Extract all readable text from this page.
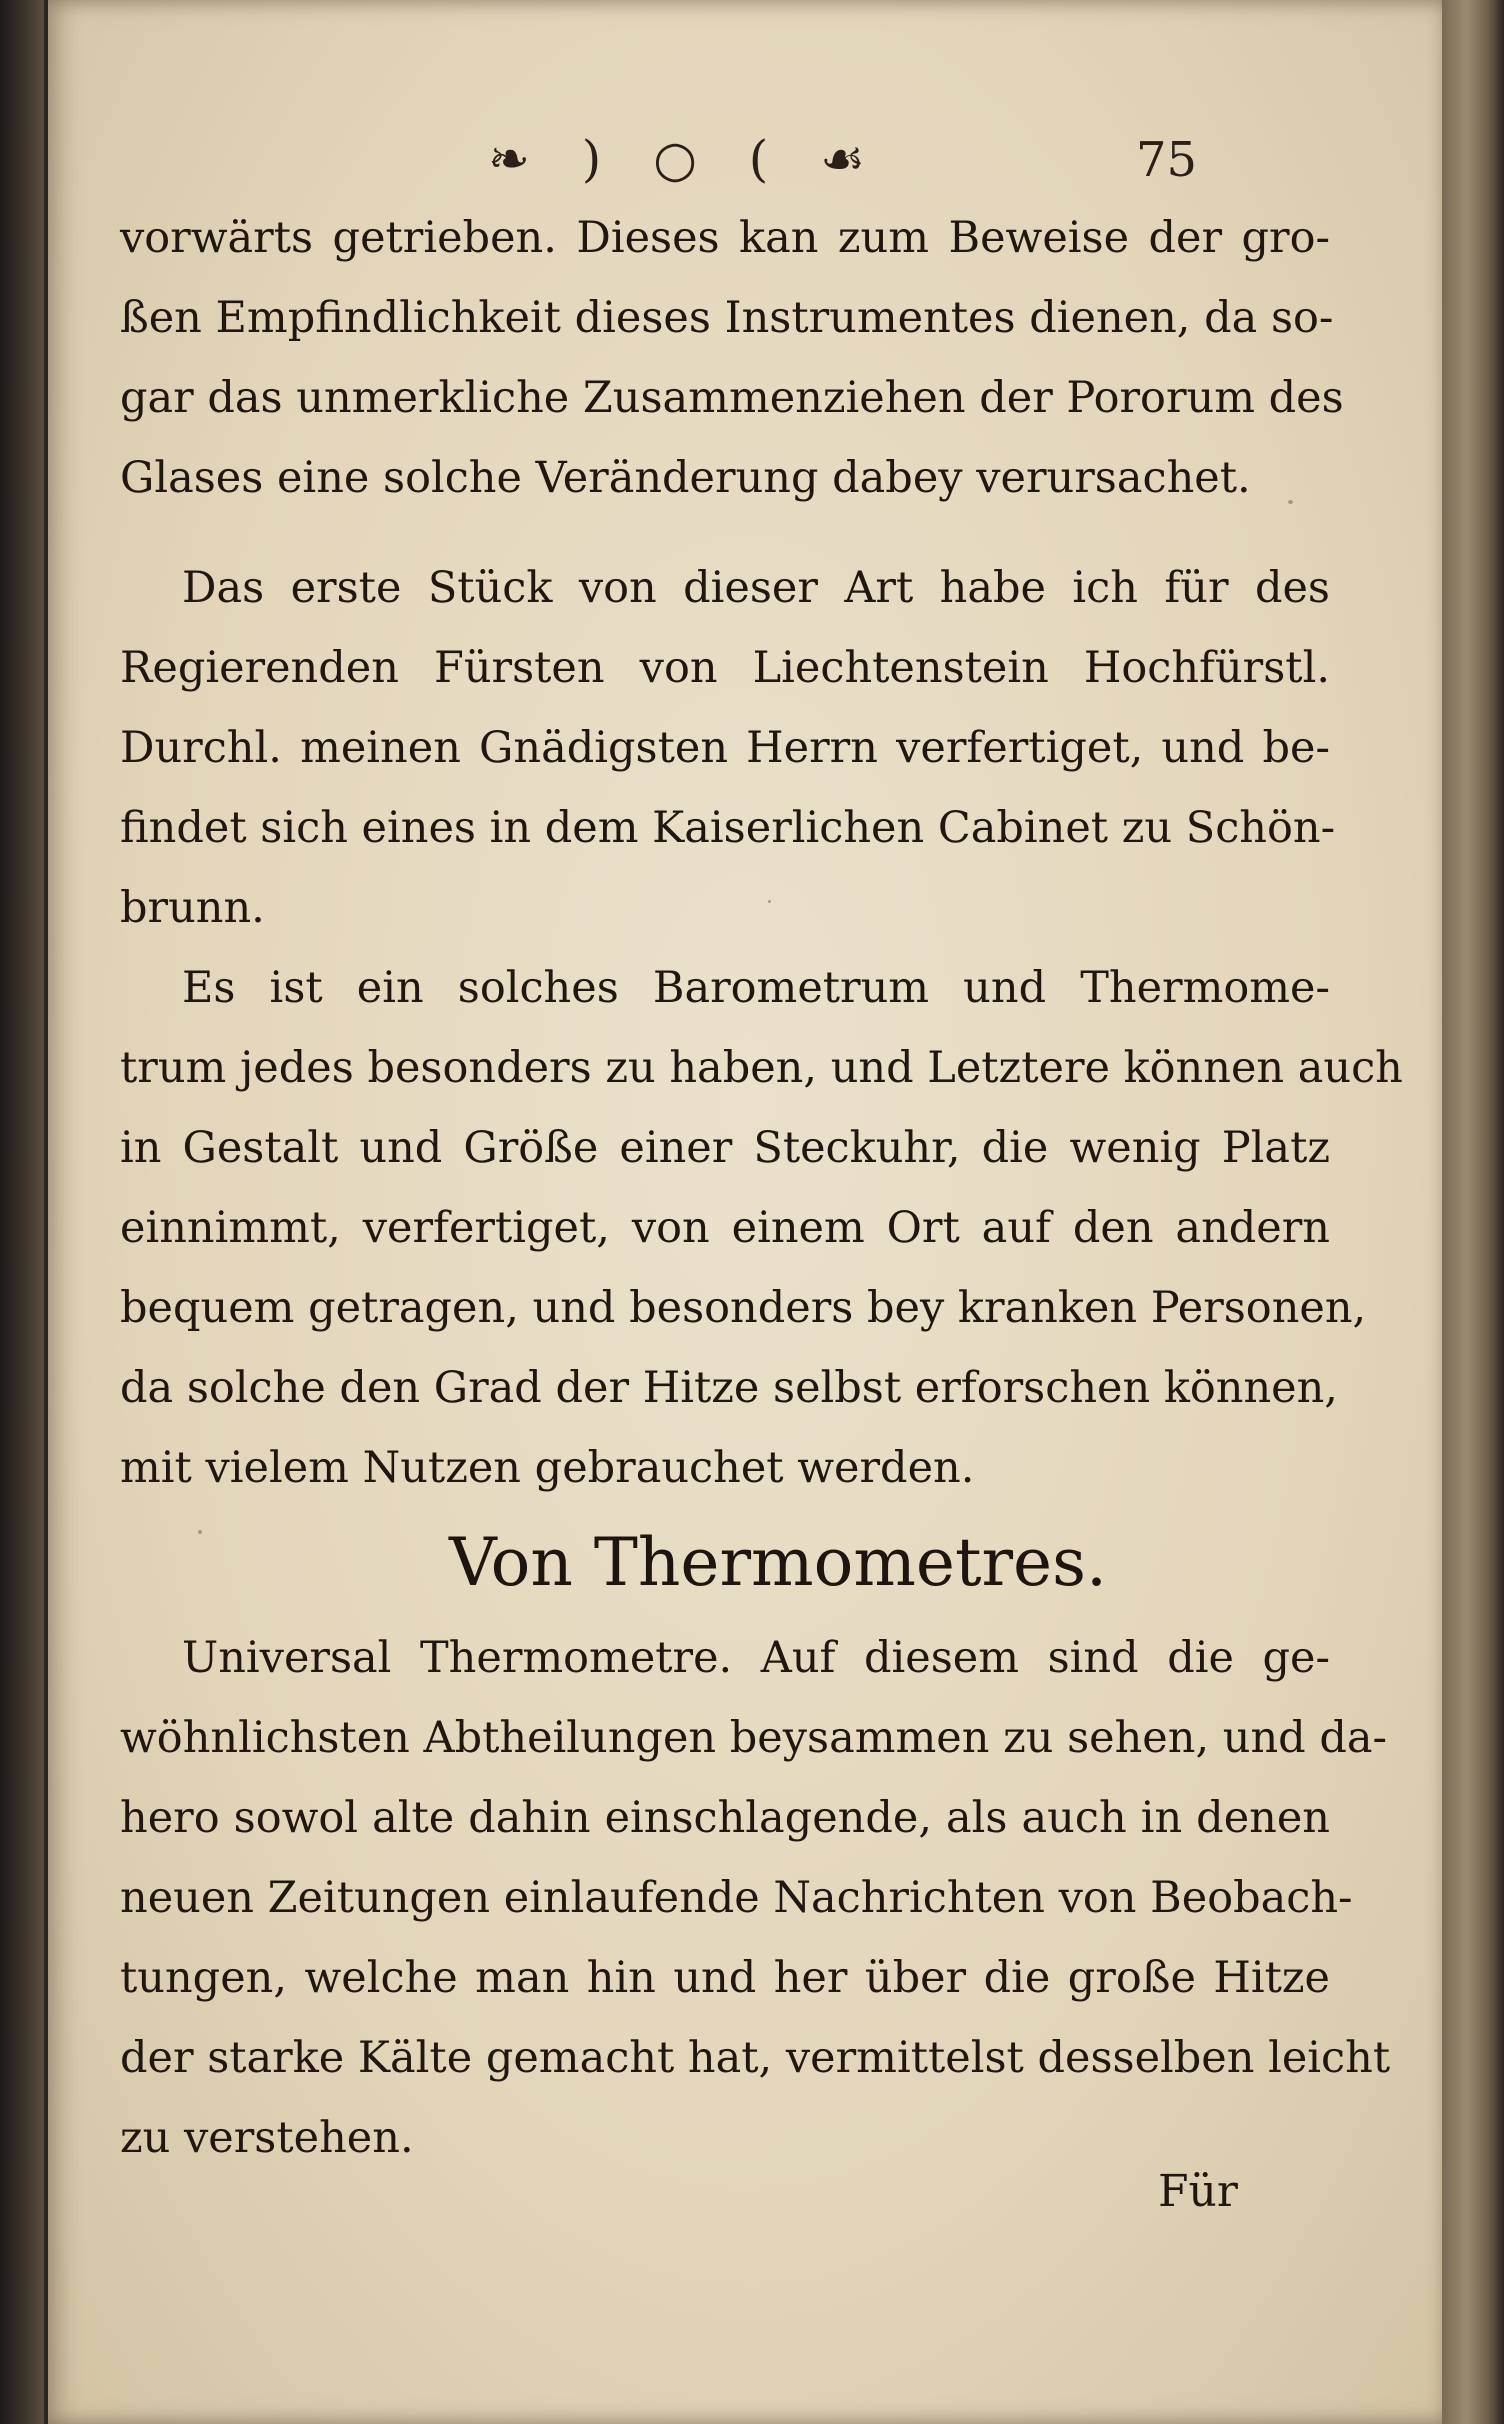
❧ ) ○ ( ☙	75
vorwärts getrieben. Dieses kan zum Beweise der gro-
ßen Empfindlichkeit dieses Instrumentes dienen, da so-
gar das unmerkliche Zusammenziehen der Pororum des
Glases eine solche Veränderung dabey verursachet.
Das erste Stück von dieser Art habe ich für des
Regierenden Fürsten von Liechtenstein Hochfürstl.
Durchl. meinen Gnädigsten Herrn verfertiget, und be-
findet sich eines in dem Kaiserlichen Cabinet zu Schön-
brunn.
Es ist ein solches Barometrum und Thermome-
trum jedes besonders zu haben, und Letztere können auch
in Gestalt und Größe einer Steckuhr, die wenig Platz
einnimmt, verfertiget, von einem Ort auf den andern
bequem getragen, und besonders bey kranken Personen,
da solche den Grad der Hitze selbst erforschen können,
mit vielem Nutzen gebrauchet werden.
Von Thermometres.
Universal Thermometre. Auf diesem sind die ge-
wöhnlichsten Abtheilungen beysammen zu sehen, und da-
hero sowol alte dahin einschlagende, als auch in denen
neuen Zeitungen einlaufende Nachrichten von Beobach-
tungen, welche man hin und her über die große Hitze
der starke Kälte gemacht hat, vermittelst desselben leicht
zu verstehen.
Für
